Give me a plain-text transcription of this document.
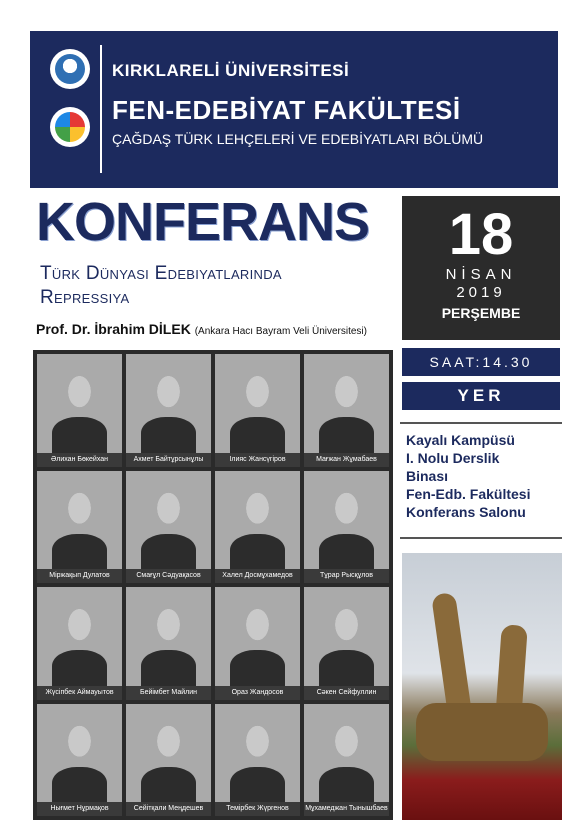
KIRKLARELİ ÜNİVERSİTESİ
FEN-EDEBİYAT FAKÜLTESİ
ÇAĞDAŞ TÜRK LEHÇELERİ VE EDEBİYATLARI BÖLÜMÜ
KONFERANS
Türk Dünyası Edebiyatlarında
Repressiya
Prof. Dr. İbrahim DİLEK (Ankara Hacı Bayram Veli Üniversitesi)
18
NİSAN
2019
PERŞEMBE
SAAT:14.30
YER
Kayalı Kampüsü
I. Nolu Derslik
Binası
Fen-Edb. Fakültesi
Konferans Salonu
Әлихан Бөкейхан	Ахмет Байтұрсынұлы	Ілияс Жансүгіров	Мағжан Жұмабаев
Міржақып Дулатов	Смағұл Сәдуақасов	Халел Досмұхамедов	Тұрар Рысқұлов
Жүсіпбек Аймауытов	Бейімбет Майлин	Ораз Жандосов	Сәкен Сейфуллин
Нығмет Нұрмақов	Сейітқали Меңдешев	Темірбек Жүргенов	Мұхамеджан Тынышбаев
